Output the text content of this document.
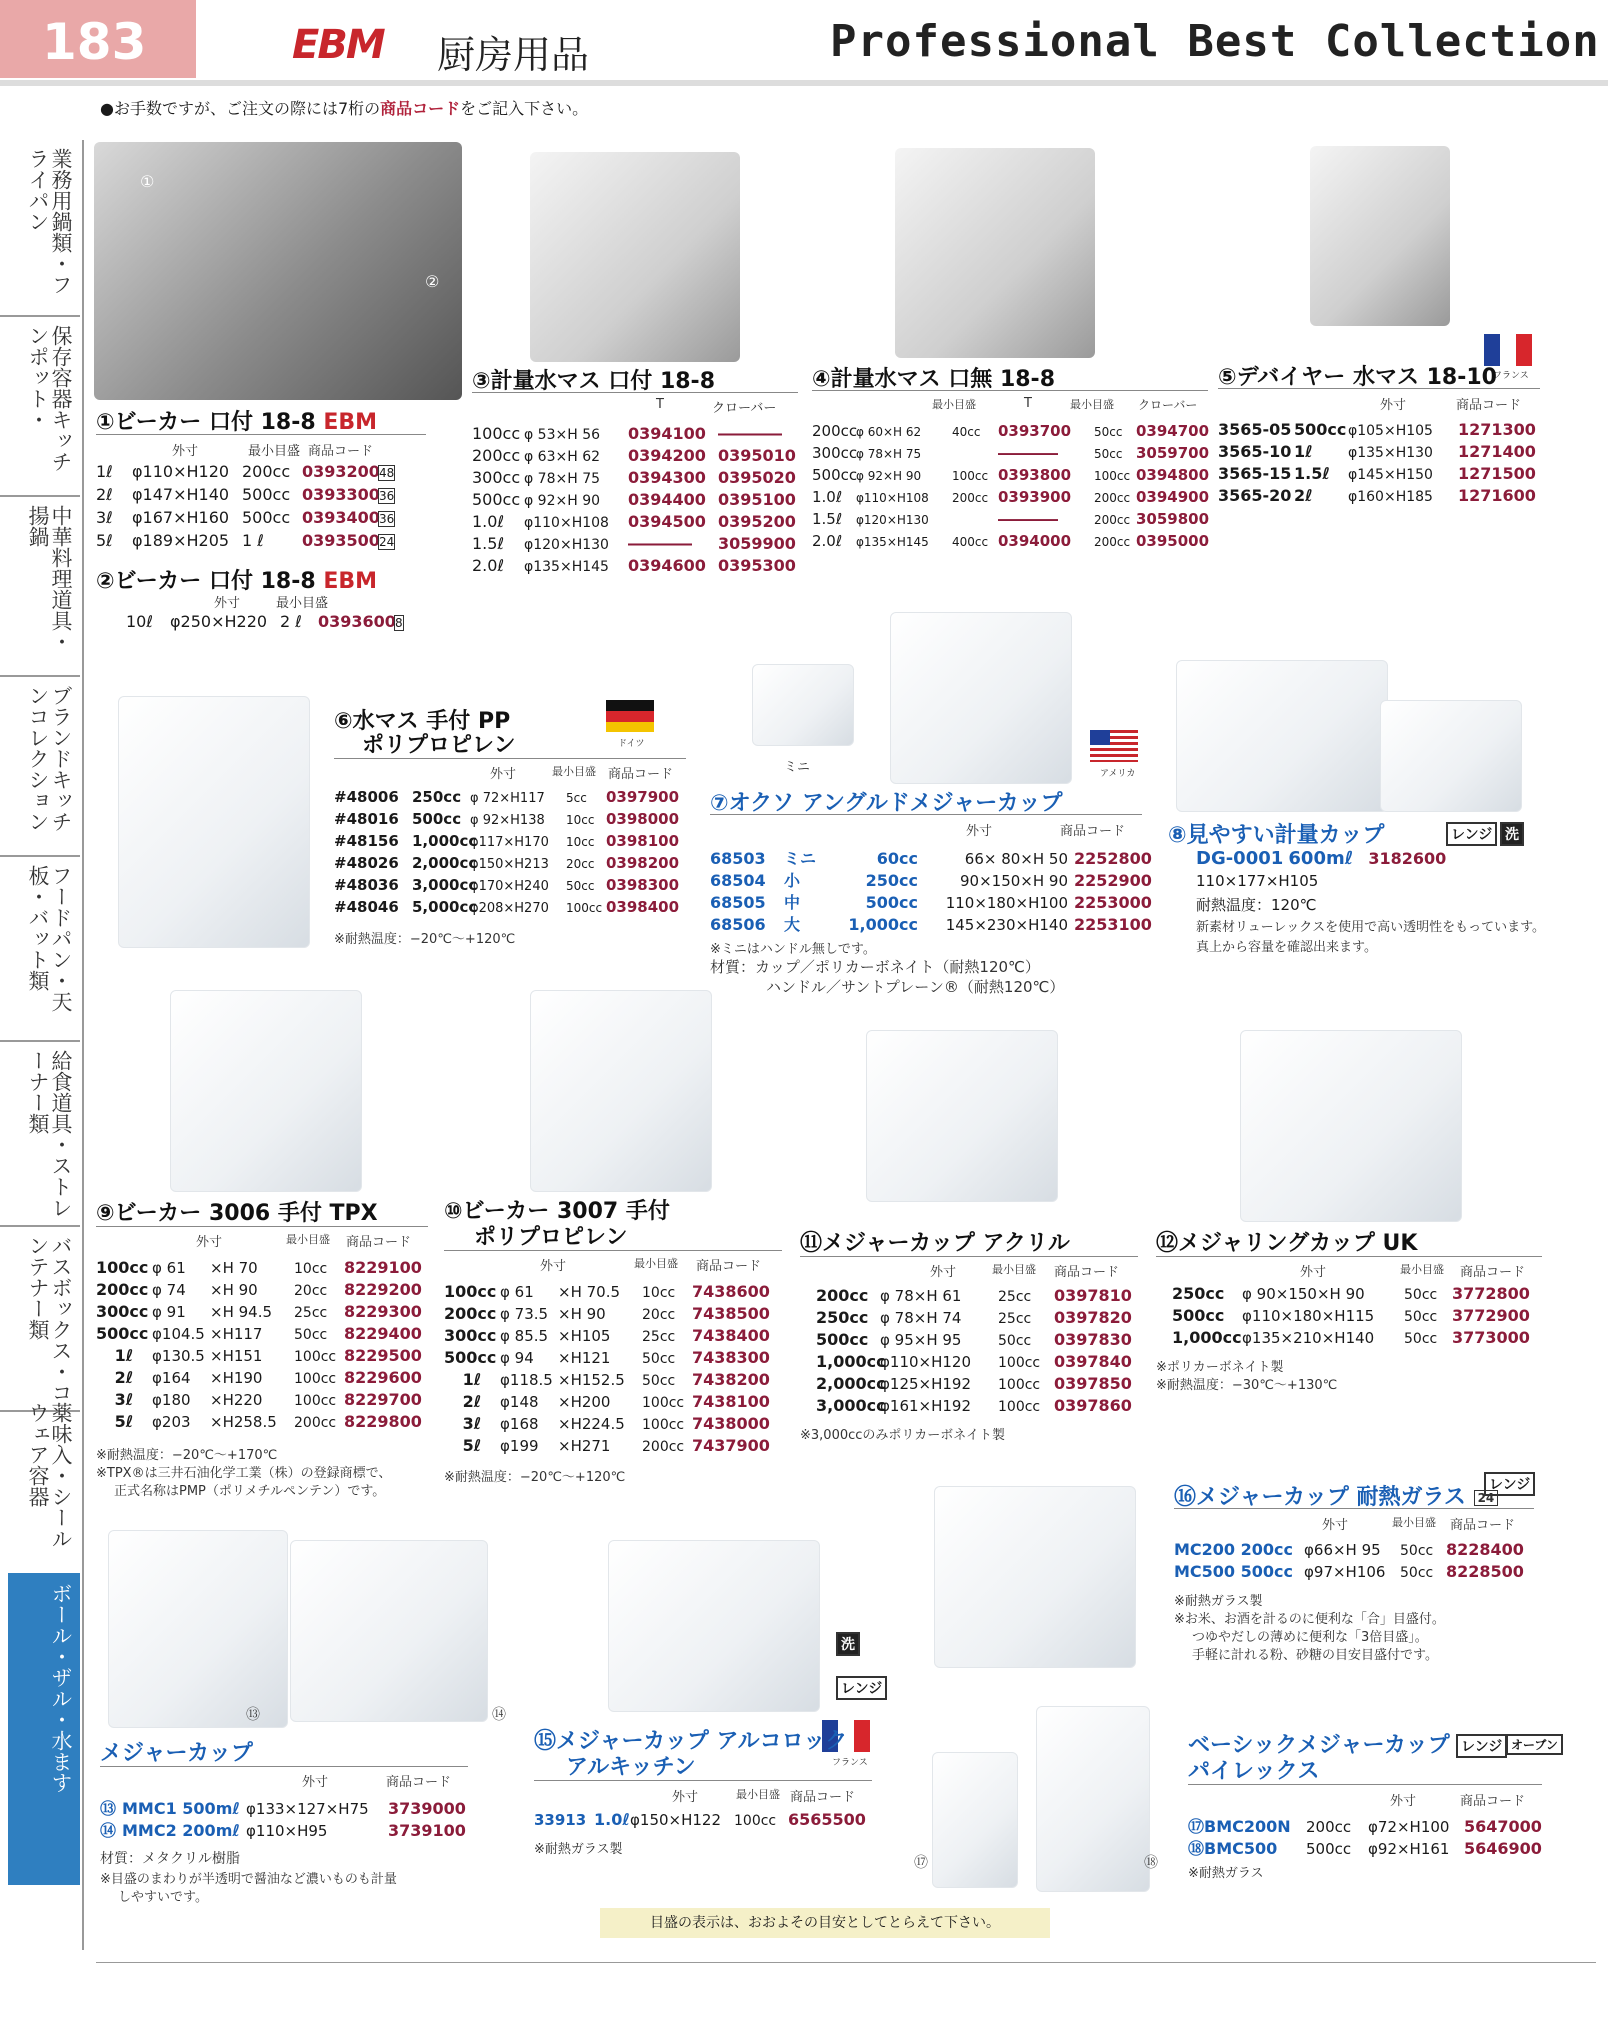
183	EBM 厨房用品	Professional Best Collection
●お手数ですが、ご注文の際には7桁の商品コードをご記入下さい。
業務用鍋類・フライパン
保存容器キッチンポット・
中華料理道具・揚鍋
ブランドキッチンコレクション
フードパン・天板・バット類
給食道具・ストレーナー類
バスボックス・コンテナー類
薬味入・シールウェア容器
ボール・ザル・水ます
①
②
①ビーカー 口付 18-8 EBM
外寸	最小目盛 商品コード
1ℓ φ110×H120 200cc 039320048
2ℓ φ147×H140 500cc 039330036
3ℓ φ167×H160 500cc 039340036
5ℓ φ189×H205 1 ℓ 039350024
②ビーカー 口付 18-8 EBM
外寸	最小目盛
10ℓ φ250×H220 2 ℓ 03936008
③計量水マス 口付 18-8
T	クローバー
100cc φ 53×H 56 0394100 ――――
200cc φ 63×H 62 0394200 0395010
300cc φ 78×H 75 0394300 0395020
500cc φ 92×H 90 0394400 0395100
1.0ℓ φ110×H108 0394500 0395200
1.5ℓ φ120×H130 ―――― 3059900
2.0ℓ φ135×H145 0394600 0395300
④計量水マス 口無 18-8
最小目盛	T	最小目盛 クローバー
200ccφ 60×H 62	40cc 0393700 50cc 0394700
300ccφ 78×H 75	――――	50cc 3059700
500ccφ 92×H 90	100cc 0393800 100cc 0394800
1.0ℓ φ110×H108 200cc 0393900 200cc 0394900
1.5ℓ φ120×H130	――――	200cc 3059800
2.0ℓ φ135×H145 400cc 0394000 200cc 0395000
フランス
⑤デバイヤー 水マス 18-10
外寸	商品コード
3565-05 500cc φ105×H105 1271300
3565-10 1ℓ	φ135×H130 1271400
3565-15 1.5ℓ φ145×H150 1271500
3565-20 2ℓ	φ160×H185 1271600
ドイツ
⑥水マス 手付 PP
ポリプロピレン
外寸	最小目盛 商品コード
#48006 250cc φ 72×H117 5cc 0397900
#48016 500cc φ 92×H138 10cc 0398000
#48156 1,000ccφ117×H170 10cc 0398100
#48026 2,000ccφ150×H213 20cc 0398200
#48036 3,000ccφ170×H240 50cc 0398300
#48046 5,000ccφ208×H270 100cc 0398400
※耐熱温度：−20℃〜+120℃
ミニ	アメリカ
⑦オクソ アングルドメジャーカップ
外寸	商品コード
68503 ミニ	60cc	66× 80×H 50 2252800
68504 小	250cc	90×150×H 90 2252900
68505 中	500cc 110×180×H100 2253000
68506 大	1,000cc 145×230×H140 2253100
※ミニはハンドル無しです。
材質：カップ／ポリカーボネイト（耐熱120℃）
ハンドル／サントプレーン®（耐熱120℃）
⑧見やすい計量カップ	レンジ 洗
DG-0001 600mℓ 3182600
110×177×H105
耐熱温度：120℃
新素材リューレックスを使用で高い透明性をもっています。
真上から容量を確認出来ます。
⑨ビーカー 3006 手付 TPX
外寸	最小目盛 商品コード
100cc φ 61 ×H 70	10cc 8229100
200cc φ 74 ×H 90	20cc 8229200
300cc φ 91 ×H 94.5 25cc 8229300
500cc φ104.5 ×H117 50cc 8229400
1ℓ φ130.5 ×H151 100cc 8229500
2ℓ φ164 ×H190 100cc 8229600
3ℓ φ180 ×H220 100cc 8229700
5ℓ φ203 ×H258.5 200cc 8229800
※耐熱温度：−20℃〜+170℃
※TPX®は三井石油化学工業（株）の登録商標で、
正式名称はPMP（ポリメチルペンテン）です。
⑩ビーカー 3007 手付
ポリプロピレン
外寸	最小目盛 商品コード
100cc φ 61 ×H 70.5 10cc 7438600
200cc φ 73.5 ×H 90	20cc 7438500
300cc φ 85.5 ×H105 25cc 7438400
500cc φ 94 ×H121 50cc 7438300
1ℓ φ118.5 ×H152.5 50cc 7438200
2ℓ φ148 ×H200 100cc 7438100
3ℓ φ168 ×H224.5 100cc 7438000
5ℓ φ199 ×H271 200cc 7437900
※耐熱温度：−20℃〜+120℃
⑪メジャーカップ アクリル
外寸	最小目盛 商品コード
200cc φ 78×H 61	25cc 0397810
250cc φ 78×H 74	25cc 0397820
500cc φ 95×H 95	50cc 0397830
1,000ccφ110×H120 100cc 0397840
2,000ccφ125×H192 100cc 0397850
3,000ccφ161×H192 100cc 0397860
※3,000ccのみポリカーボネイト製
⑫メジャリングカップ UK
外寸	最小目盛 商品コード
250cc φ 90×150×H 90	50cc 3772800
500cc φ110×180×H115 50cc 3772900
1,000ccφ135×210×H140 50cc 3773000
※ポリカーボネイト製
※耐熱温度：−30℃〜+130℃
⑬	⑭
メジャーカップ
外寸	商品コード
⑬ MMC1 500mℓ φ133×127×H75 3739000
⑭ MMC2 200mℓ φ110×H95	3739100
材質：メタクリル樹脂
※目盛のまわりが半透明で醤油など濃いものも計量
しやすいです。
洗
レンジ
フランス
⑮メジャーカップ アルコロック
アルキッチン
外寸	最小目盛 商品コード
33913 1.0ℓφ150×H122 100cc 6565500
※耐熱ガラス製
⑯メジャーカップ 耐熱ガラス 24
レンジ
外寸	最小目盛 商品コード
MC200 200cc φ66×H 95 50cc 8228400
MC500 500cc φ97×H106 50cc 8228500
※耐熱ガラス製
※お米、お酒を計るのに便利な「合」目盛付。
つゆやだしの薄めに便利な「3倍目盛」。
手軽に計れる粉、砂糖の目安目盛付です。
⑰	⑱
ベーシックメジャーカップ
パイレックス
レンジ オーブン
外寸	商品コード
⑰BMC200N 200cc φ72×H100 5647000
⑱BMC500 500cc φ92×H161 5646900
※耐熱ガラス
目盛の表示は、おおよその目安としてとらえて下さい。
